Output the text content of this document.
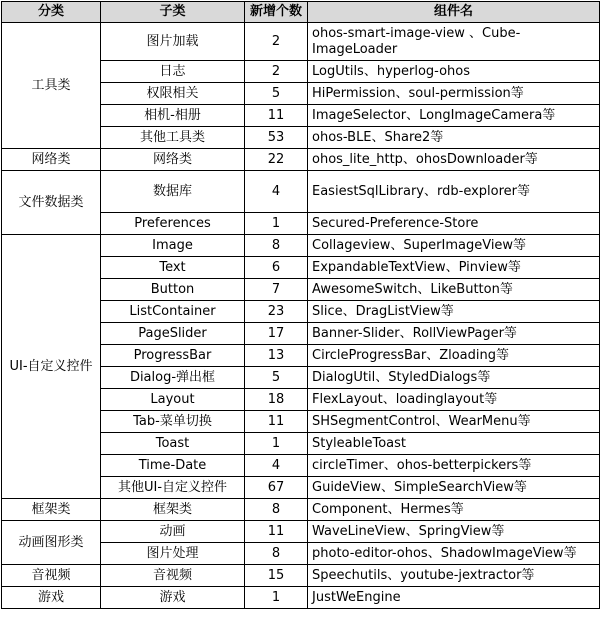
分类	子类	新增个数	组件名
工具类	图片加载	2	ohos-smart-image-view 、Cube-ImageLoader
	日志	2	LogUtils、hyperlog-ohos
	权限相关	5	HiPermission、soul-permission等
	相机-相册	11	ImageSelector、LongImageCamera等
	其他工具类	53	ohos-BLE、Share2等
网络类	网络类	22	ohos_lite_http、ohosDownloader等
文件数据类	数据库	4	EasiestSqlLibrary、rdb-explorer等
	Preferences	1	Secured-Preference-Store
UI-自定义控件	Image	8	Collageview、SuperImageView等
	Text	6	ExpandableTextView、Pinview等
	Button	7	AwesomeSwitch、LikeButton等
	ListContainer	23	Slice、DragListView等
	PageSlider	17	Banner-Slider、RollViewPager等
	ProgressBar	13	CircleProgressBar、Zloading等
	Dialog-弹出框	5	DialogUtil、StyledDialogs等
	Layout	18	FlexLayout、loadinglayout等
	Tab-菜单切换	11	SHSegmentControl、WearMenu等
	Toast	1	StyleableToast
	Time-Date	4	circleTimer、ohos-betterpickers等
	其他UI-自定义控件	67	GuideView、SimpleSearchView等
框架类	框架类	8	Component、Hermes等
动画图形类	动画	11	WaveLineView、SpringView等
	图片处理	8	photo-editor-ohos、ShadowImageView等
音视频	音视频	15	Speechutils、youtube-jextractor等
游戏	游戏	1	JustWeEngine
